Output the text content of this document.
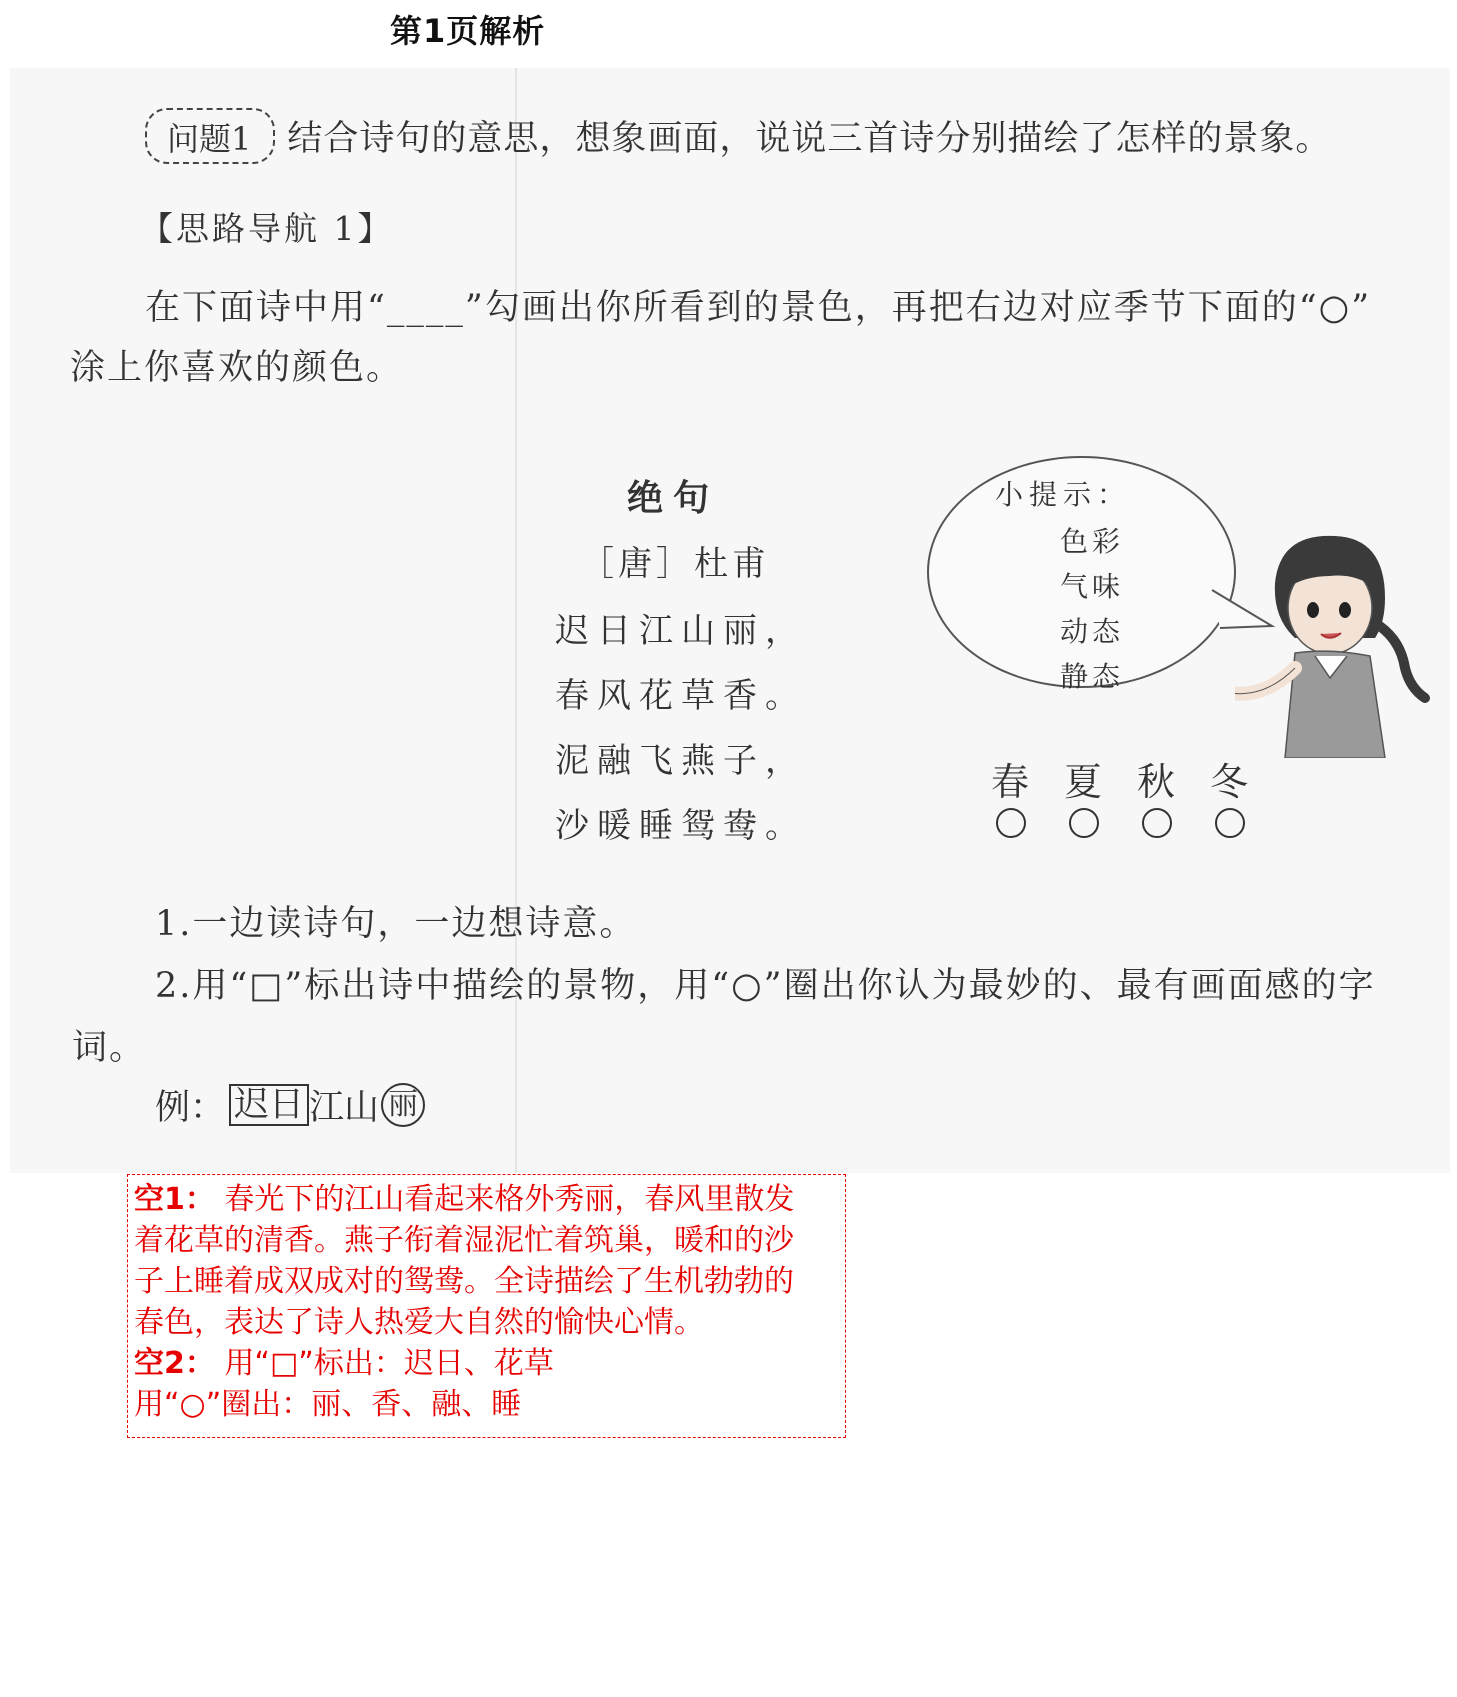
第1页解析
问题1	结合诗句的意思，想象画面，说说三首诗分别描绘了怎样的景象。
【思路导航 1】
在下面诗中用“____”勾画出你所看到的景色，再把右边对应季节下面的“○”
涂上你喜欢的颜色。
绝句
［唐］杜甫
迟日江山丽，
春风花草香。
泥融飞燕子，
沙暖睡鸳鸯。
小提示：
色彩
气味
动态
静态
春 夏 秋 冬
1.一边读诗句，一边想诗意。
2.用“□”标出诗中描绘的景物，用“○”圈出你认为最妙的、最有画面感的字
词。
例： 迟日 江山 丽

空1： 春光下的江山看起来格外秀丽，春风里散发

着花草的清香。燕子衔着湿泥忙着筑巢，暖和的沙

子上睡着成双成对的鸳鸯。全诗描绘了生机勃勃的

春色，表达了诗人热爱大自然的愉快心情。

空2： 用“□”标出：迟日、花草

用“○”圈出：丽、香、融、睡
